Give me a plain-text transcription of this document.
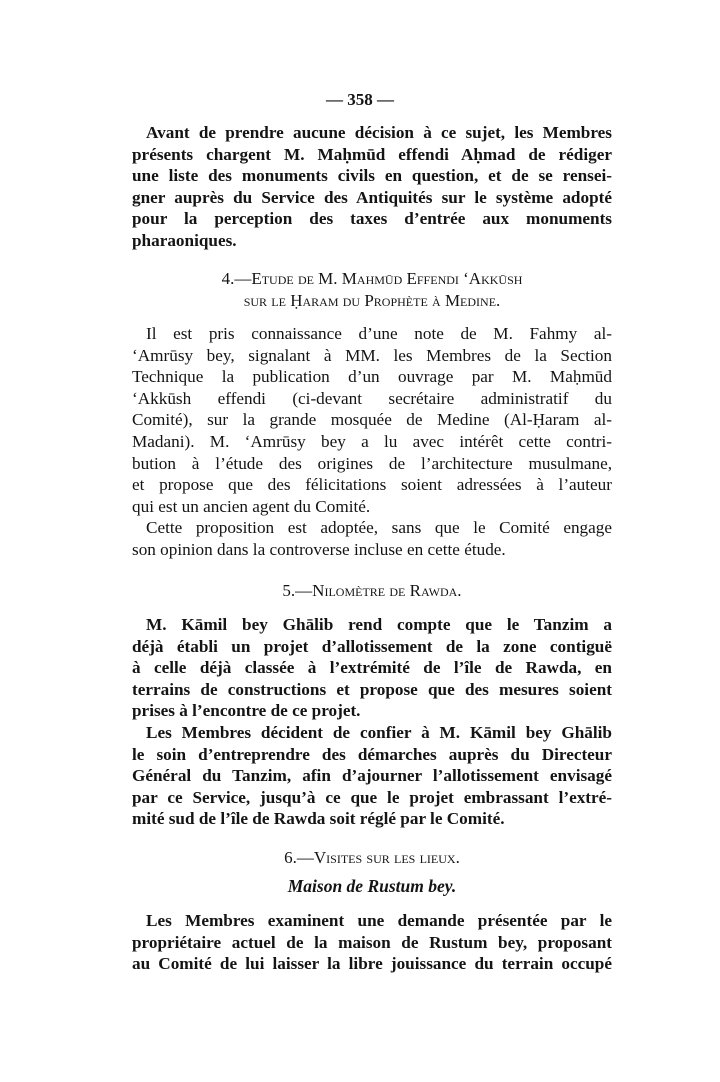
— 358 —
Avant de prendre aucune décision à ce sujet, les Membres
présents chargent M. Maḥmūd effendi Aḥmad de rédiger
une liste des monuments civils en question, et de se rensei-
gner auprès du Service des Antiquités sur le système adopté
pour la perception des taxes d’entrée aux monuments
pharaoniques.
4.—Etude de M. Mahmūd Effendi ‘Akkūsh
sur le Ḥaram du Prophète à Medine.
Il est pris connaissance d’une note de M. Fahmy al-
‘Amrūsy bey, signalant à MM. les Membres de la Section
Technique la publication d’un ouvrage par M. Maḥmūd
‘Akkūsh effendi (ci-devant secrétaire administratif du
Comité), sur la grande mosquée de Medine (Al-Ḥaram al-
Madani). M. ‘Amrūsy bey a lu avec intérêt cette contri-
bution à l’étude des origines de l’architecture musulmane,
et propose que des félicitations soient adressées à l’auteur
qui est un ancien agent du Comité.
Cette proposition est adoptée, sans que le Comité engage
son opinion dans la controverse incluse en cette étude.
5.—Nilomètre de Rawda.
M. Kāmil bey Ghālib rend compte que le Tanzim a
déjà établi un projet d’allotissement de la zone contiguë
à celle déjà classée à l’extrémité de l’île de Rawda, en
terrains de constructions et propose que des mesures soient
prises à l’encontre de ce projet.
Les Membres décident de confier à M. Kāmil bey Ghālib
le soin d’entreprendre des démarches auprès du Directeur
Général du Tanzim, afin d’ajourner l’allotissement envisagé
par ce Service, jusqu’à ce que le projet embrassant l’extré-
mité sud de l’île de Rawda soit réglé par le Comité.
6.—Visites sur les lieux.
Maison de Rustum bey.
Les Membres examinent une demande présentée par le
propriétaire actuel de la maison de Rustum bey, proposant
au Comité de lui laisser la libre jouissance du terrain occupé
